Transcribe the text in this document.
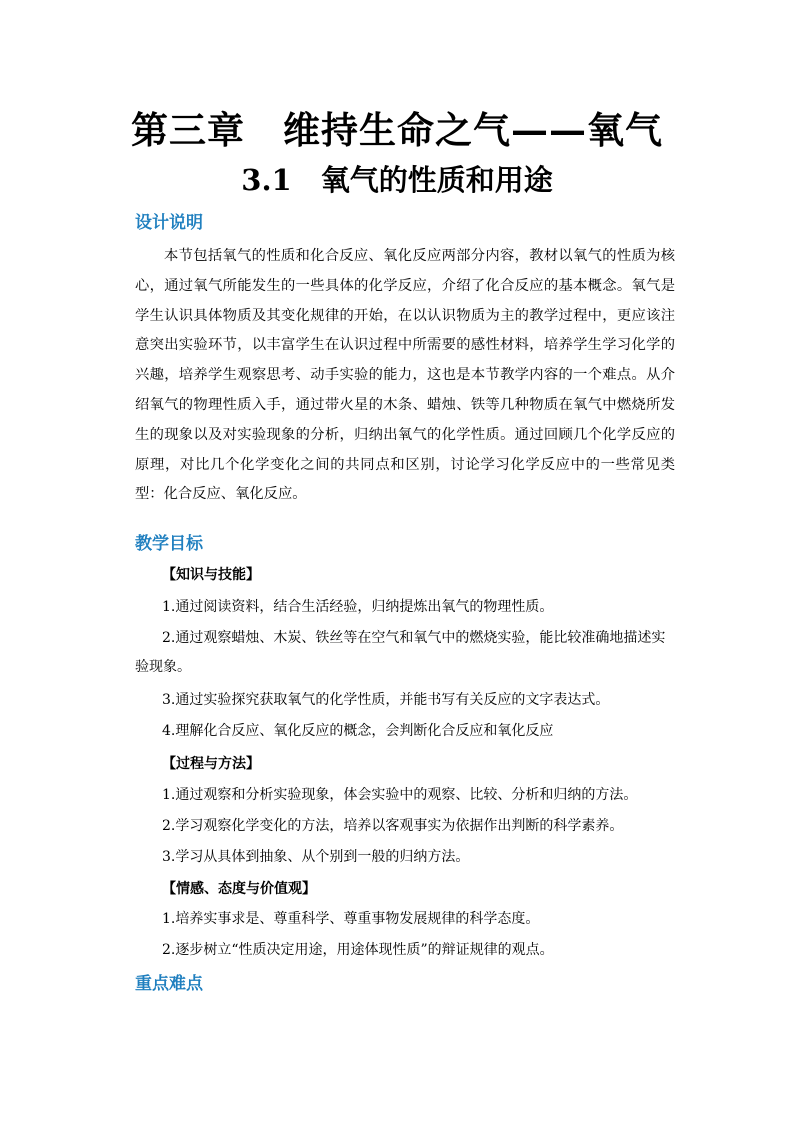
第三章　维持生命之气——氧气
3.1　氧气的性质和用途
设计说明
本节包括氧气的性质和化合反应、氧化反应两部分内容，教材以氧气的性质为核心，通过氧气所能发生的一些具体的化学反应，介绍了化合反应的基本概念。氧气是学生认识具体物质及其变化规律的开始，在以认识物质为主的教学过程中，更应该注意突出实验环节，以丰富学生在认识过程中所需要的感性材料，培养学生学习化学的兴趣，培养学生观察思考、动手实验的能力，这也是本节教学内容的一个难点。从介绍氧气的物理性质入手，通过带火星的木条、蜡烛、铁等几种物质在氧气中燃烧所发生的现象以及对实验现象的分析，归纳出氧气的化学性质。通过回顾几个化学反应的原理，对比几个化学变化之间的共同点和区别，讨论学习化学反应中的一些常见类型：化合反应、氧化反应。
教学目标
【知识与技能】
1.通过阅读资料，结合生活经验，归纳提炼出氧气的物理性质。
2.通过观察蜡烛、木炭、铁丝等在空气和氧气中的燃烧实验，能比较准确地描述实验现象。
3.通过实验探究获取氧气的化学性质，并能书写有关反应的文字表达式。
4.理解化合反应、氧化反应的概念，会判断化合反应和氧化反应
【过程与方法】
1.通过观察和分析实验现象，体会实验中的观察、比较、分析和归纳的方法。
2.学习观察化学变化的方法，培养以客观事实为依据作出判断的科学素养。
3.学习从具体到抽象、从个别到一般的归纳方法。
【情感、态度与价值观】
1.培养实事求是、尊重科学、尊重事物发展规律的科学态度。
2.逐步树立“性质决定用途，用途体现性质”的辩证规律的观点。
重点难点
